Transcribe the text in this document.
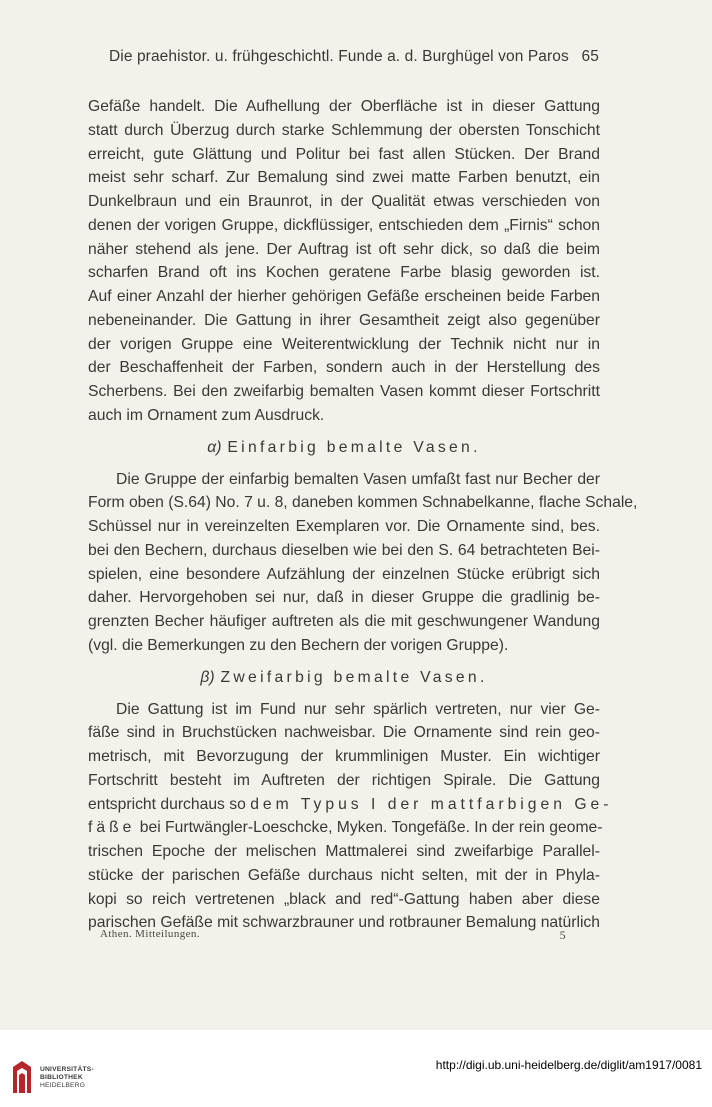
Die praehistor. u. frühgeschichtl. Funde a. d. Burghügel von Paros 65
Gefäße handelt. Die Aufhellung der Oberfläche ist in dieser Gattung
statt durch Überzug durch starke Schlemmung der obersten Tonschicht
erreicht, gute Glättung und Politur bei fast allen Stücken. Der Brand
meist sehr scharf. Zur Bemalung sind zwei matte Farben benutzt, ein
Dunkelbraun und ein Braunrot, in der Qualität etwas verschieden von
denen der vorigen Gruppe, dickflüssiger, entschieden dem „Firnis“ schon
näher stehend als jene. Der Auftrag ist oft sehr dick, so daß die beim
scharfen Brand oft ins Kochen geratene Farbe blasig geworden ist.
Auf einer Anzahl der hierher gehörigen Gefäße erscheinen beide Farben
nebeneinander. Die Gattung in ihrer Gesamtheit zeigt also gegenüber
der vorigen Gruppe eine Weiterentwicklung der Technik nicht nur in
der Beschaffenheit der Farben, sondern auch in der Herstellung des
Scherbens. Bei den zweifarbig bemalten Vasen kommt dieser Fortschritt
auch im Ornament zum Ausdruck.
α) Einfarbig bemalte Vasen.
Die Gruppe der einfarbig bemalten Vasen umfaßt fast nur Becher der
Form oben (S.64) No. 7 u. 8, daneben kommen Schnabelkanne, flache Schale,
Schüssel nur in vereinzelten Exemplaren vor. Die Ornamente sind, bes.
bei den Bechern, durchaus dieselben wie bei den S. 64 betrachteten Bei-
spielen, eine besondere Aufzählung der einzelnen Stücke erübrigt sich
daher. Hervorgehoben sei nur, daß in dieser Gruppe die gradlinig be-
grenzten Becher häufiger auftreten als die mit geschwungener Wandung
(vgl. die Bemerkungen zu den Bechern der vorigen Gruppe).
β) Zweifarbig bemalte Vasen.
Die Gattung ist im Fund nur sehr spärlich vertreten, nur vier Ge-
fäße sind in Bruchstücken nachweisbar. Die Ornamente sind rein geo-
metrisch, mit Bevorzugung der krummlinigen Muster. Ein wichtiger
Fortschritt besteht im Auftreten der richtigen Spirale. Die Gattung
entspricht durchaus so dem Typus I der mattfarbigen Ge-
fäße bei Furtwängler-Loeschcke, Myken. Tongefäße. In der rein geome-
trischen Epoche der melischen Mattmalerei sind zweifarbige Parallel-
stücke der parischen Gefäße durchaus nicht selten, mit der in Phyla-
kopi so reich vertretenen „black and red“-Gattung haben aber diese
parischen Gefäße mit schwarzbrauner und rotbrauner Bemalung natürlich
Athen. Mitteilungen.	5
UNIVERSITÄTS-
BIBLIOTHEK
HEIDELBERG
http://digi.ub.uni-heidelberg.de/diglit/am1917/0081
